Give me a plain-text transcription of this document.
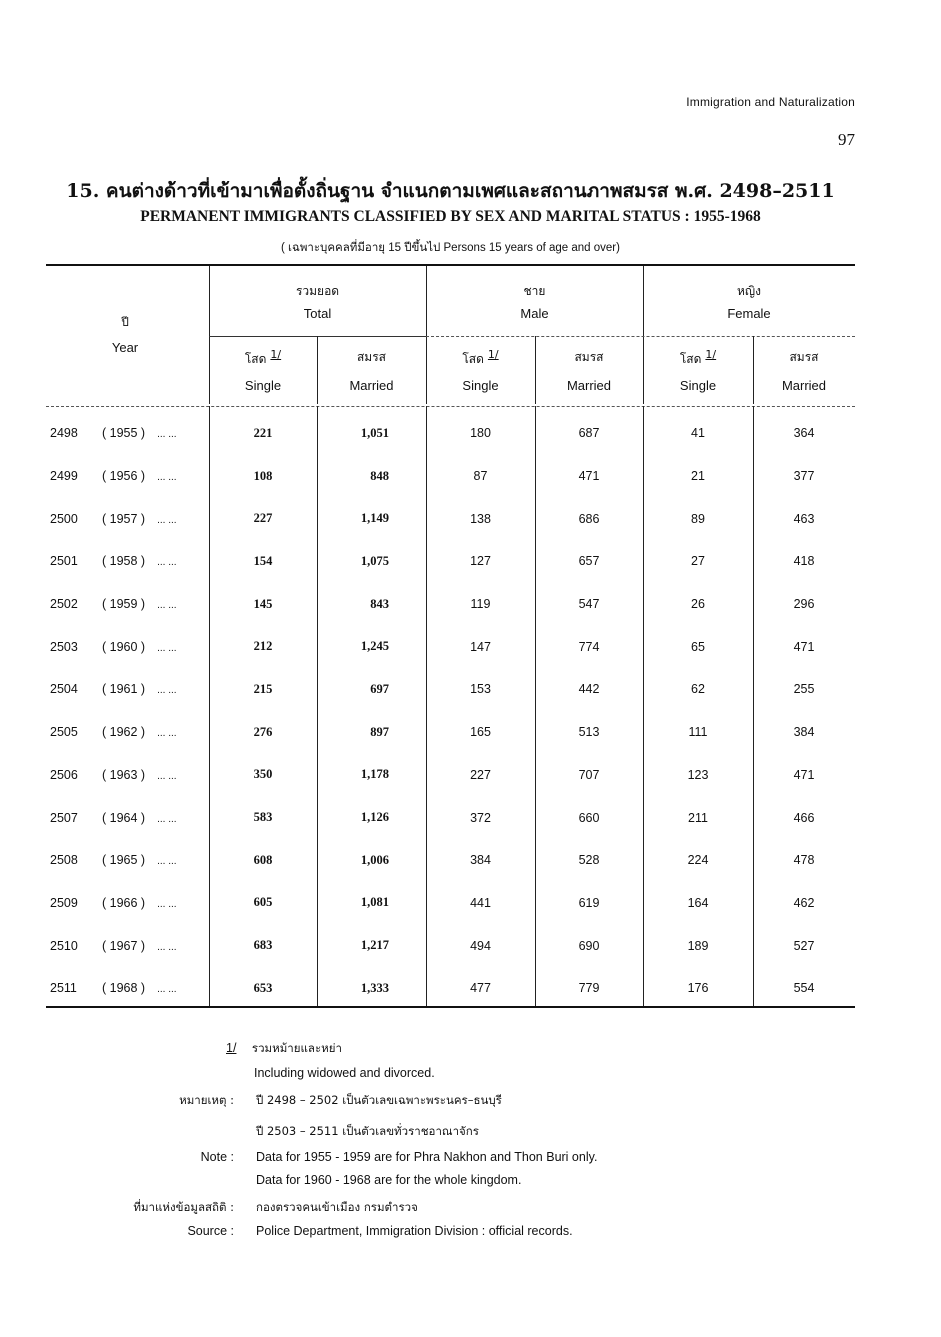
Immigration and Naturalization
97
15. คนต่างด้าวที่เข้ามาเพื่อตั้งถิ่นฐาน จำแนกตามเพศและสถานภาพสมรส พ.ศ. 2498–2511
PERMANENT IMMIGRANTS CLASSIFIED BY SEX AND MARITAL STATUS : 1955-1968
( เฉพาะบุคคลที่มีอายุ 15 ปีขึ้นไป Persons 15 years of age and over)
ปี
Year
รวมยอด
Total
ชาย
Male
หญิง
Female
โสด 1/
Single
สมรส
Married
โสด 1/
Single
สมรส
Married
โสด 1/
Single
สมรส
Married
2498	( 1955 ) ... ...	221	1,051	180	687	41	364
2499	( 1956 ) ... ...	108	848	87	471	21	377
2500	( 1957 ) ... ...	227	1,149	138	686	89	463
2501	( 1958 ) ... ...	154	1,075	127	657	27	418
2502	( 1959 ) ... ...	145	843	119	547	26	296
2503	( 1960 ) ... ...	212	1,245	147	774	65	471
2504	( 1961 ) ... ...	215	697	153	442	62	255
2505	( 1962 ) ... ...	276	897	165	513	111	384
2506	( 1963 ) ... ...	350	1,178	227	707	123	471
2507	( 1964 ) ... ...	583	1,126	372	660	211	466
2508	( 1965 ) ... ...	608	1,006	384	528	224	478
2509	( 1966 ) ... ...	605	1,081	441	619	164	462
2510	( 1967 ) ... ...	683	1,217	494	690	189	527
2511	( 1968 ) ... ...	653	1,333	477	779	176	554
1/ รวมหม้ายและหย่า
Including widowed and divorced.
หมายเหตุ : ปี 2498 – 2502 เป็นตัวเลขเฉพาะพระนคร–ธนบุรี
ปี 2503 – 2511 เป็นตัวเลขทั่วราชอาณาจักร
Note : Data for 1955 - 1959 are for Phra Nakhon and Thon Buri only.
Data for 1960 - 1968 are for the whole kingdom.
ที่มาแห่งข้อมูลสถิติ : กองตรวจคนเข้าเมือง กรมตำรวจ
Source : Police Department, Immigration Division : official records.
